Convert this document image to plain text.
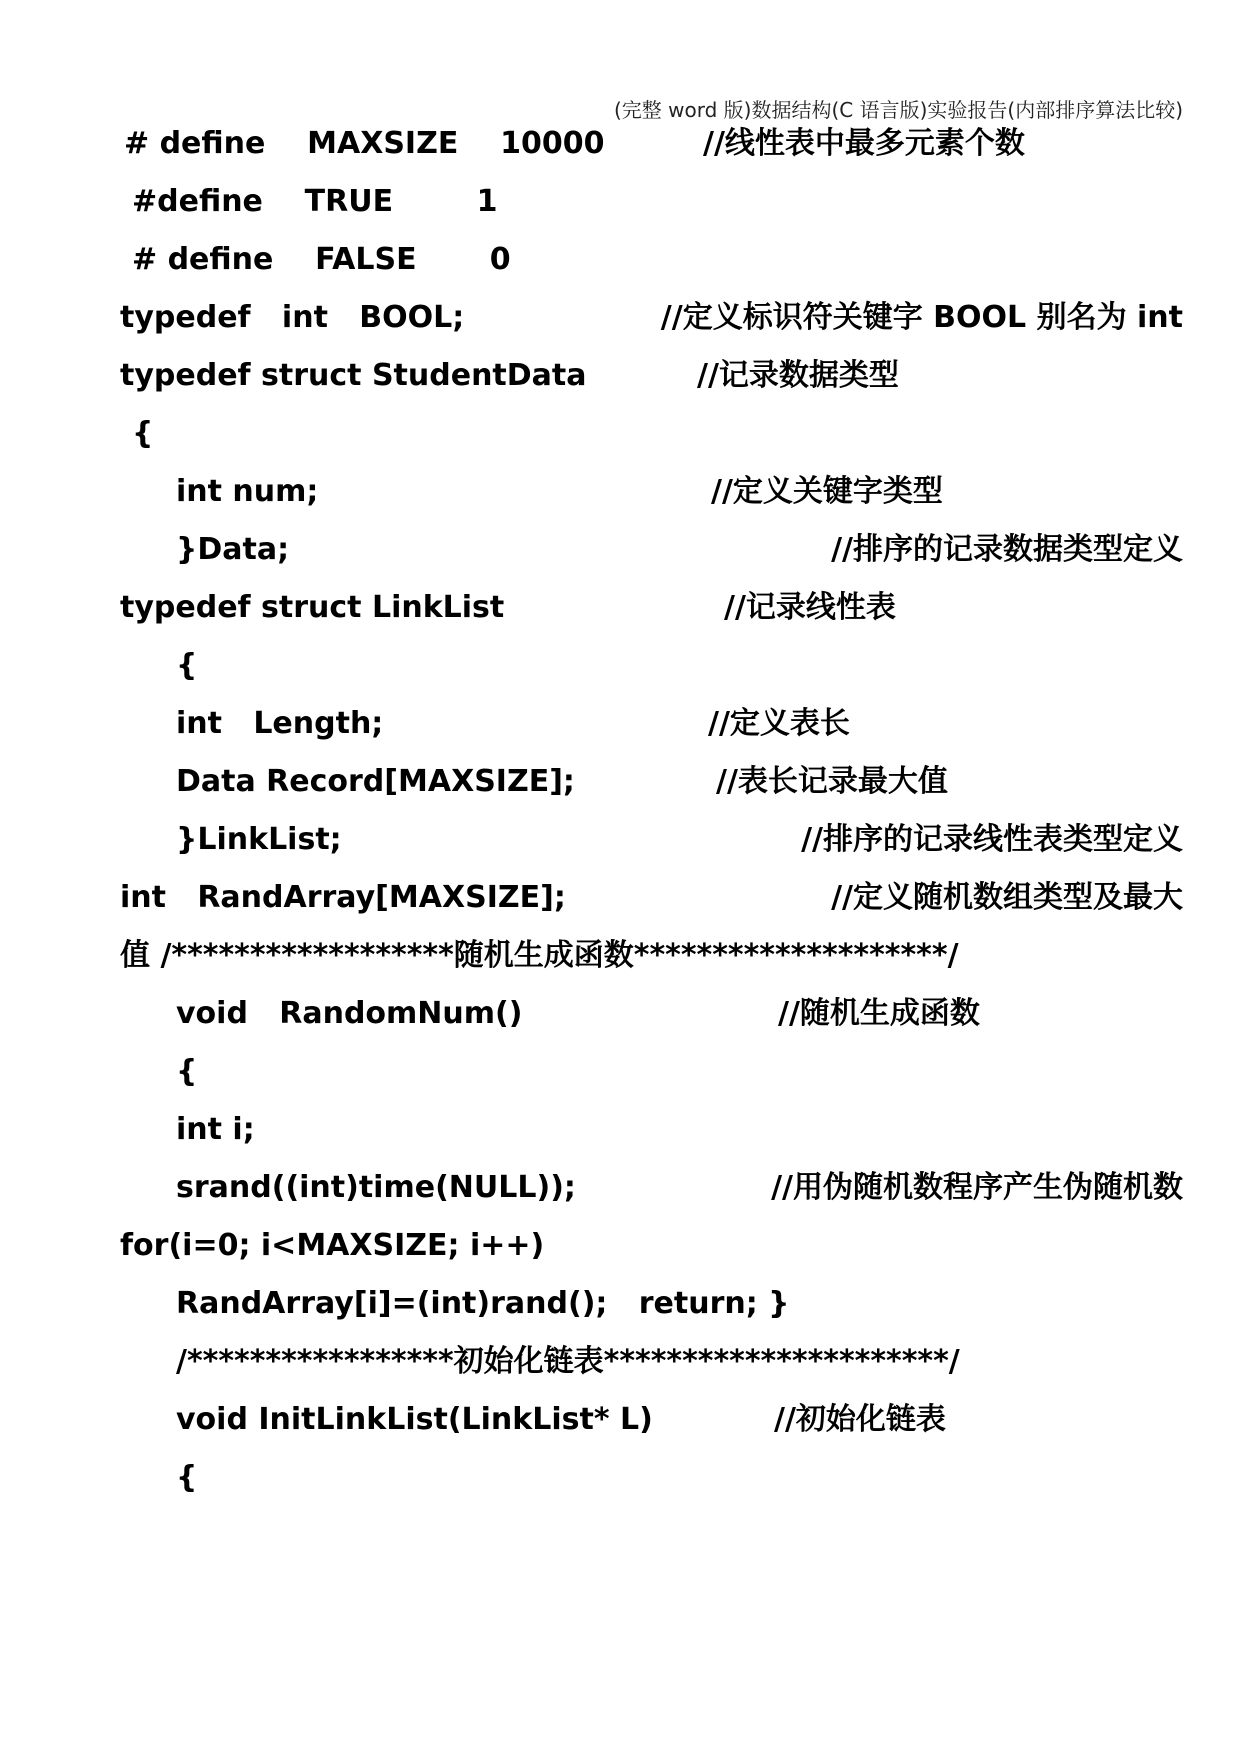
(完整 word 版)数据结构(C 语言版)实验报告(内部排序算法比较)

# define    MAXSIZE    10000

	//线性表中最多元素个数

#define    TRUE        1

# define    FALSE       0

typedef   int   BOOL;

	//定义标识符关键字 BOOL 别名为 int

typedef struct StudentData

	//记录数据类型

{

int num;

	//定义关键字类型

}Data;

	//排序的记录数据类型定义

typedef struct LinkList

	//记录线性表

{

int   Length;

	//定义表长

Data Record[MAXSIZE];

	//表长记录最大值

}LinkList;

	//排序的记录线性表类型定义

int   RandArray[MAXSIZE];

	//定义随机数组类型及最大

值 /******************随机生成函数********************/

void   RandomNum()

	//随机生成函数

{

int i;

srand((int)time(NULL));

	//用伪随机数程序产生伪随机数

for(i=0; i<MAXSIZE; i++)

RandArray[i]=(int)rand();   return; }

/*****************初始化链表**********************/

void InitLinkList(LinkList* L)

	//初始化链表

{
